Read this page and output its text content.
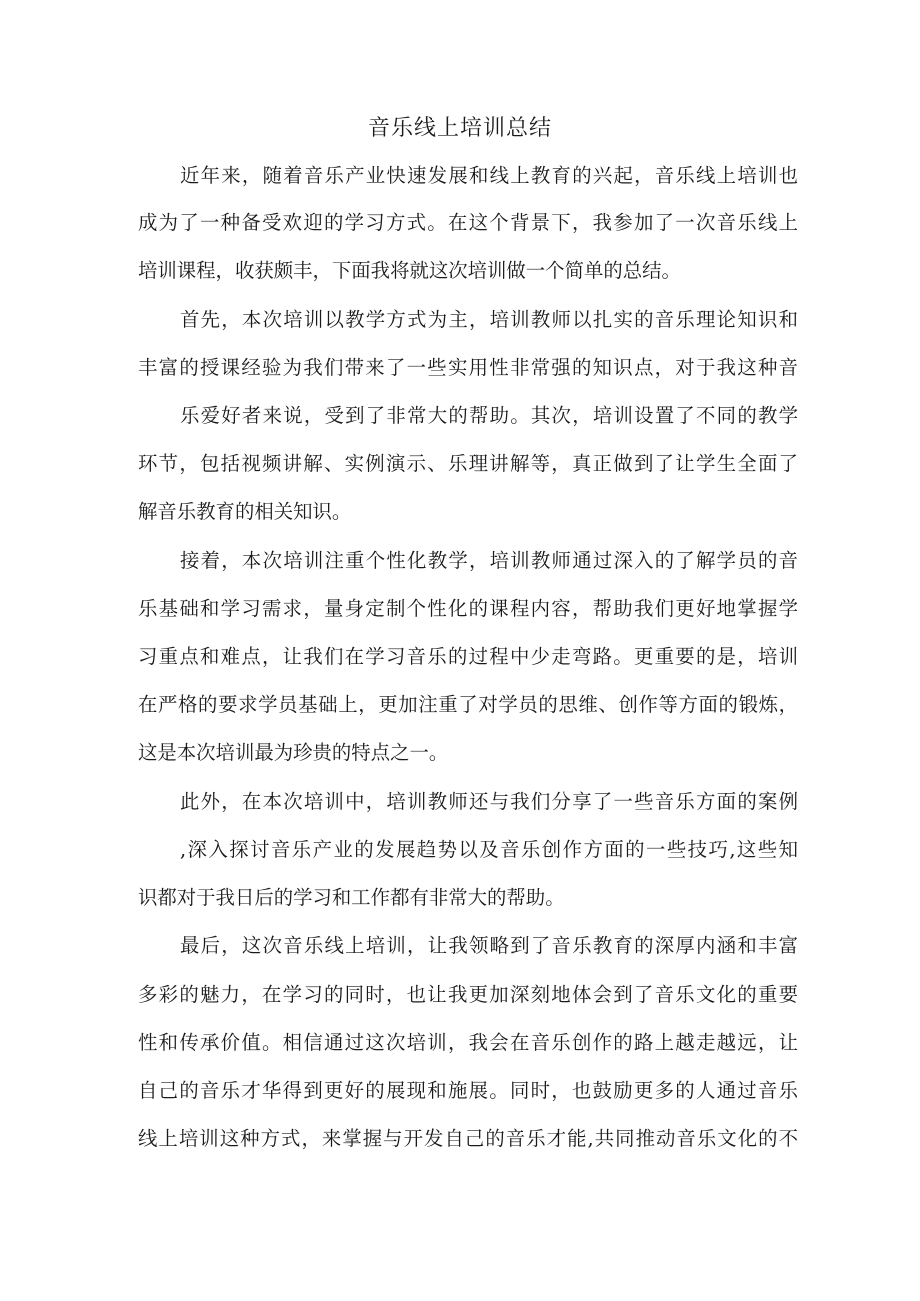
音乐线上培训总结
近年来，随着音乐产业快速发展和线上教育的兴起，音乐线上培训也
成为了一种备受欢迎的学习方式。在这个背景下，我参加了一次音乐线上
培训课程，收获颇丰，下面我将就这次培训做一个简单的总结。
首先，本次培训以教学方式为主，培训教师以扎实的音乐理论知识和
丰富的授课经验为我们带来了一些实用性非常强的知识点，对于我这种音
乐爱好者来说，受到了非常大的帮助。其次，培训设置了不同的教学
环节，包括视频讲解、实例演示、乐理讲解等，真正做到了让学生全面了
解音乐教育的相关知识。
接着，本次培训注重个性化教学，培训教师通过深入的了解学员的音
乐基础和学习需求，量身定制个性化的课程内容，帮助我们更好地掌握学
习重点和难点，让我们在学习音乐的过程中少走弯路。更重要的是，培训
在严格的要求学员基础上，更加注重了对学员的思维、创作等方面的锻炼，
这是本次培训最为珍贵的特点之一。
此外，在本次培训中，培训教师还与我们分享了一些音乐方面的案例
,深入探讨音乐产业的发展趋势以及音乐创作方面的一些技巧,这些知
识都对于我日后的学习和工作都有非常大的帮助。
最后，这次音乐线上培训，让我领略到了音乐教育的深厚内涵和丰富
多彩的魅力，在学习的同时，也让我更加深刻地体会到了音乐文化的重要
性和传承价值。相信通过这次培训，我会在音乐创作的路上越走越远，让
自己的音乐才华得到更好的展现和施展。同时，也鼓励更多的人通过音乐
线上培训这种方式，来掌握与开发自己的音乐才能,共同推动音乐文化的不
